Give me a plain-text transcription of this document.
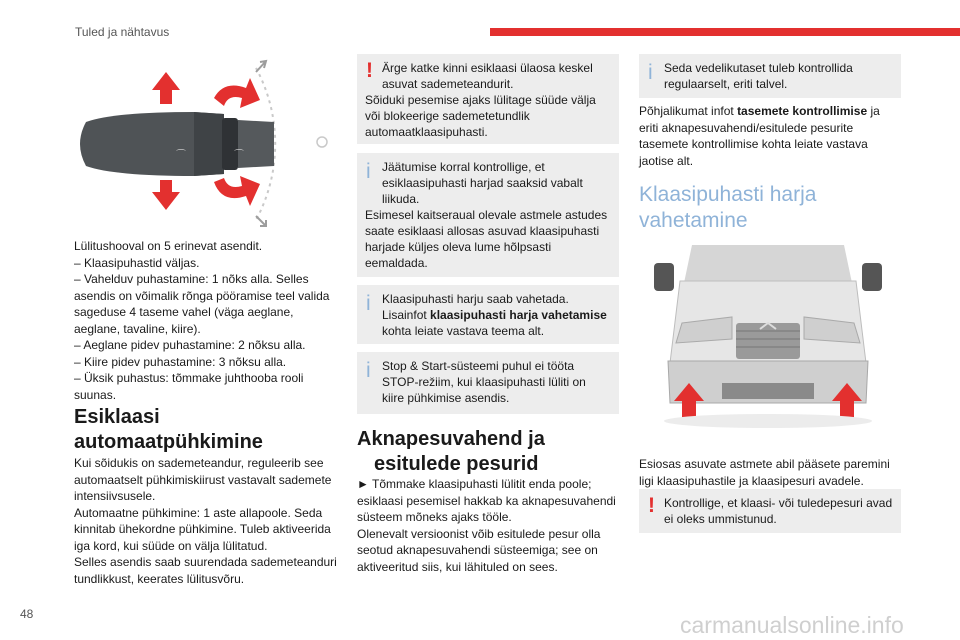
Tuled ja nähtavus
⌒	⌒

Lülitushooval on 5 erinevat asendit.

– Klaasipuhastid väljas.

– Vahelduv puhastamine: 1 nõks alla. Selles asendis on võimalik rõnga pööramise teel valida sageduse 4 taseme vahel (väga aeglane, aeglane, tavaline, kiire).

– Aeglane pidev puhastamine: 2 nõksu alla.

– Kiire pidev puhastamine: 3 nõksu alla.

– Üksik puhastus: tõmmake juhthooba rooli suunas.

Esiklaasi

automaatpühkimine

Kui sõidukis on sademeteandur, reguleerib see automaatselt pühkimiskiirust vastavalt sademete intensiivsusele.

Automaatne pühkimine: 1 aste allapoole. Seda kinnitab ühekordne pühkimine. Tuleb aktiveerida iga kord, kui süüde on välja lülitatud.

Selles asendis saab suurendada sademeteanduri tundlikkust, keerates lülitusvõru.

! Ärge katke kinni esiklaasi ülaosa keskel asuvat sademeteandurit.

Sõiduki pesemise ajaks lülitage süüde välja või blokeerige sademetetundlik automaatklaasipuhasti.

i Jäätumise korral kontrollige, et esiklaasipuhasti harjad saaksid vabalt liikuda.

Esimesel kaitseraual olevale astmele astudes saate esiklaasi allosas asuvad klaasipuhasti harjade küljes oleva lume hõlpsasti eemaldada.

i Klaasipuhasti harju saab vahetada. Lisainfot klaasipuhasti harja vahetamise kohta leiate vastava teema alt.

i Stop & Start-süsteemi puhul ei tööta STOP-režiim, kui klaasipuhasti lüliti on kiire pühkimise asendis.

Aknapesuvahend ja

esitulede pesurid

► Tõmmake klaasipuhasti lülitit enda poole; esiklaasi pesemisel hakkab ka aknapesuvahendi süsteem mõneks ajaks tööle.

Olenevalt versioonist võib esitulede pesur olla seotud aknapesuvahendi süsteemiga; see on aktiveeritud siis, kui lähituled on sees.

i Seda vedelikutaset tuleb kontrollida regulaarselt, eriti talvel.

Põhjalikumat infot tasemete kontrollimise ja eriti aknapesuvahendi/esitulede pesurite tasemete kontrollimise kohta leiate vastava jaotise alt.

Klaasipuhasti harja

vahetamine

Esiosas asuvate astmete abil pääsete paremini ligi klaasipuhastile ja klaasipesuri avadele.

! Kontrollige, et klaasi- või tuledepesuri avad ei oleks ummistunud.

48	carmanualsonline.info
